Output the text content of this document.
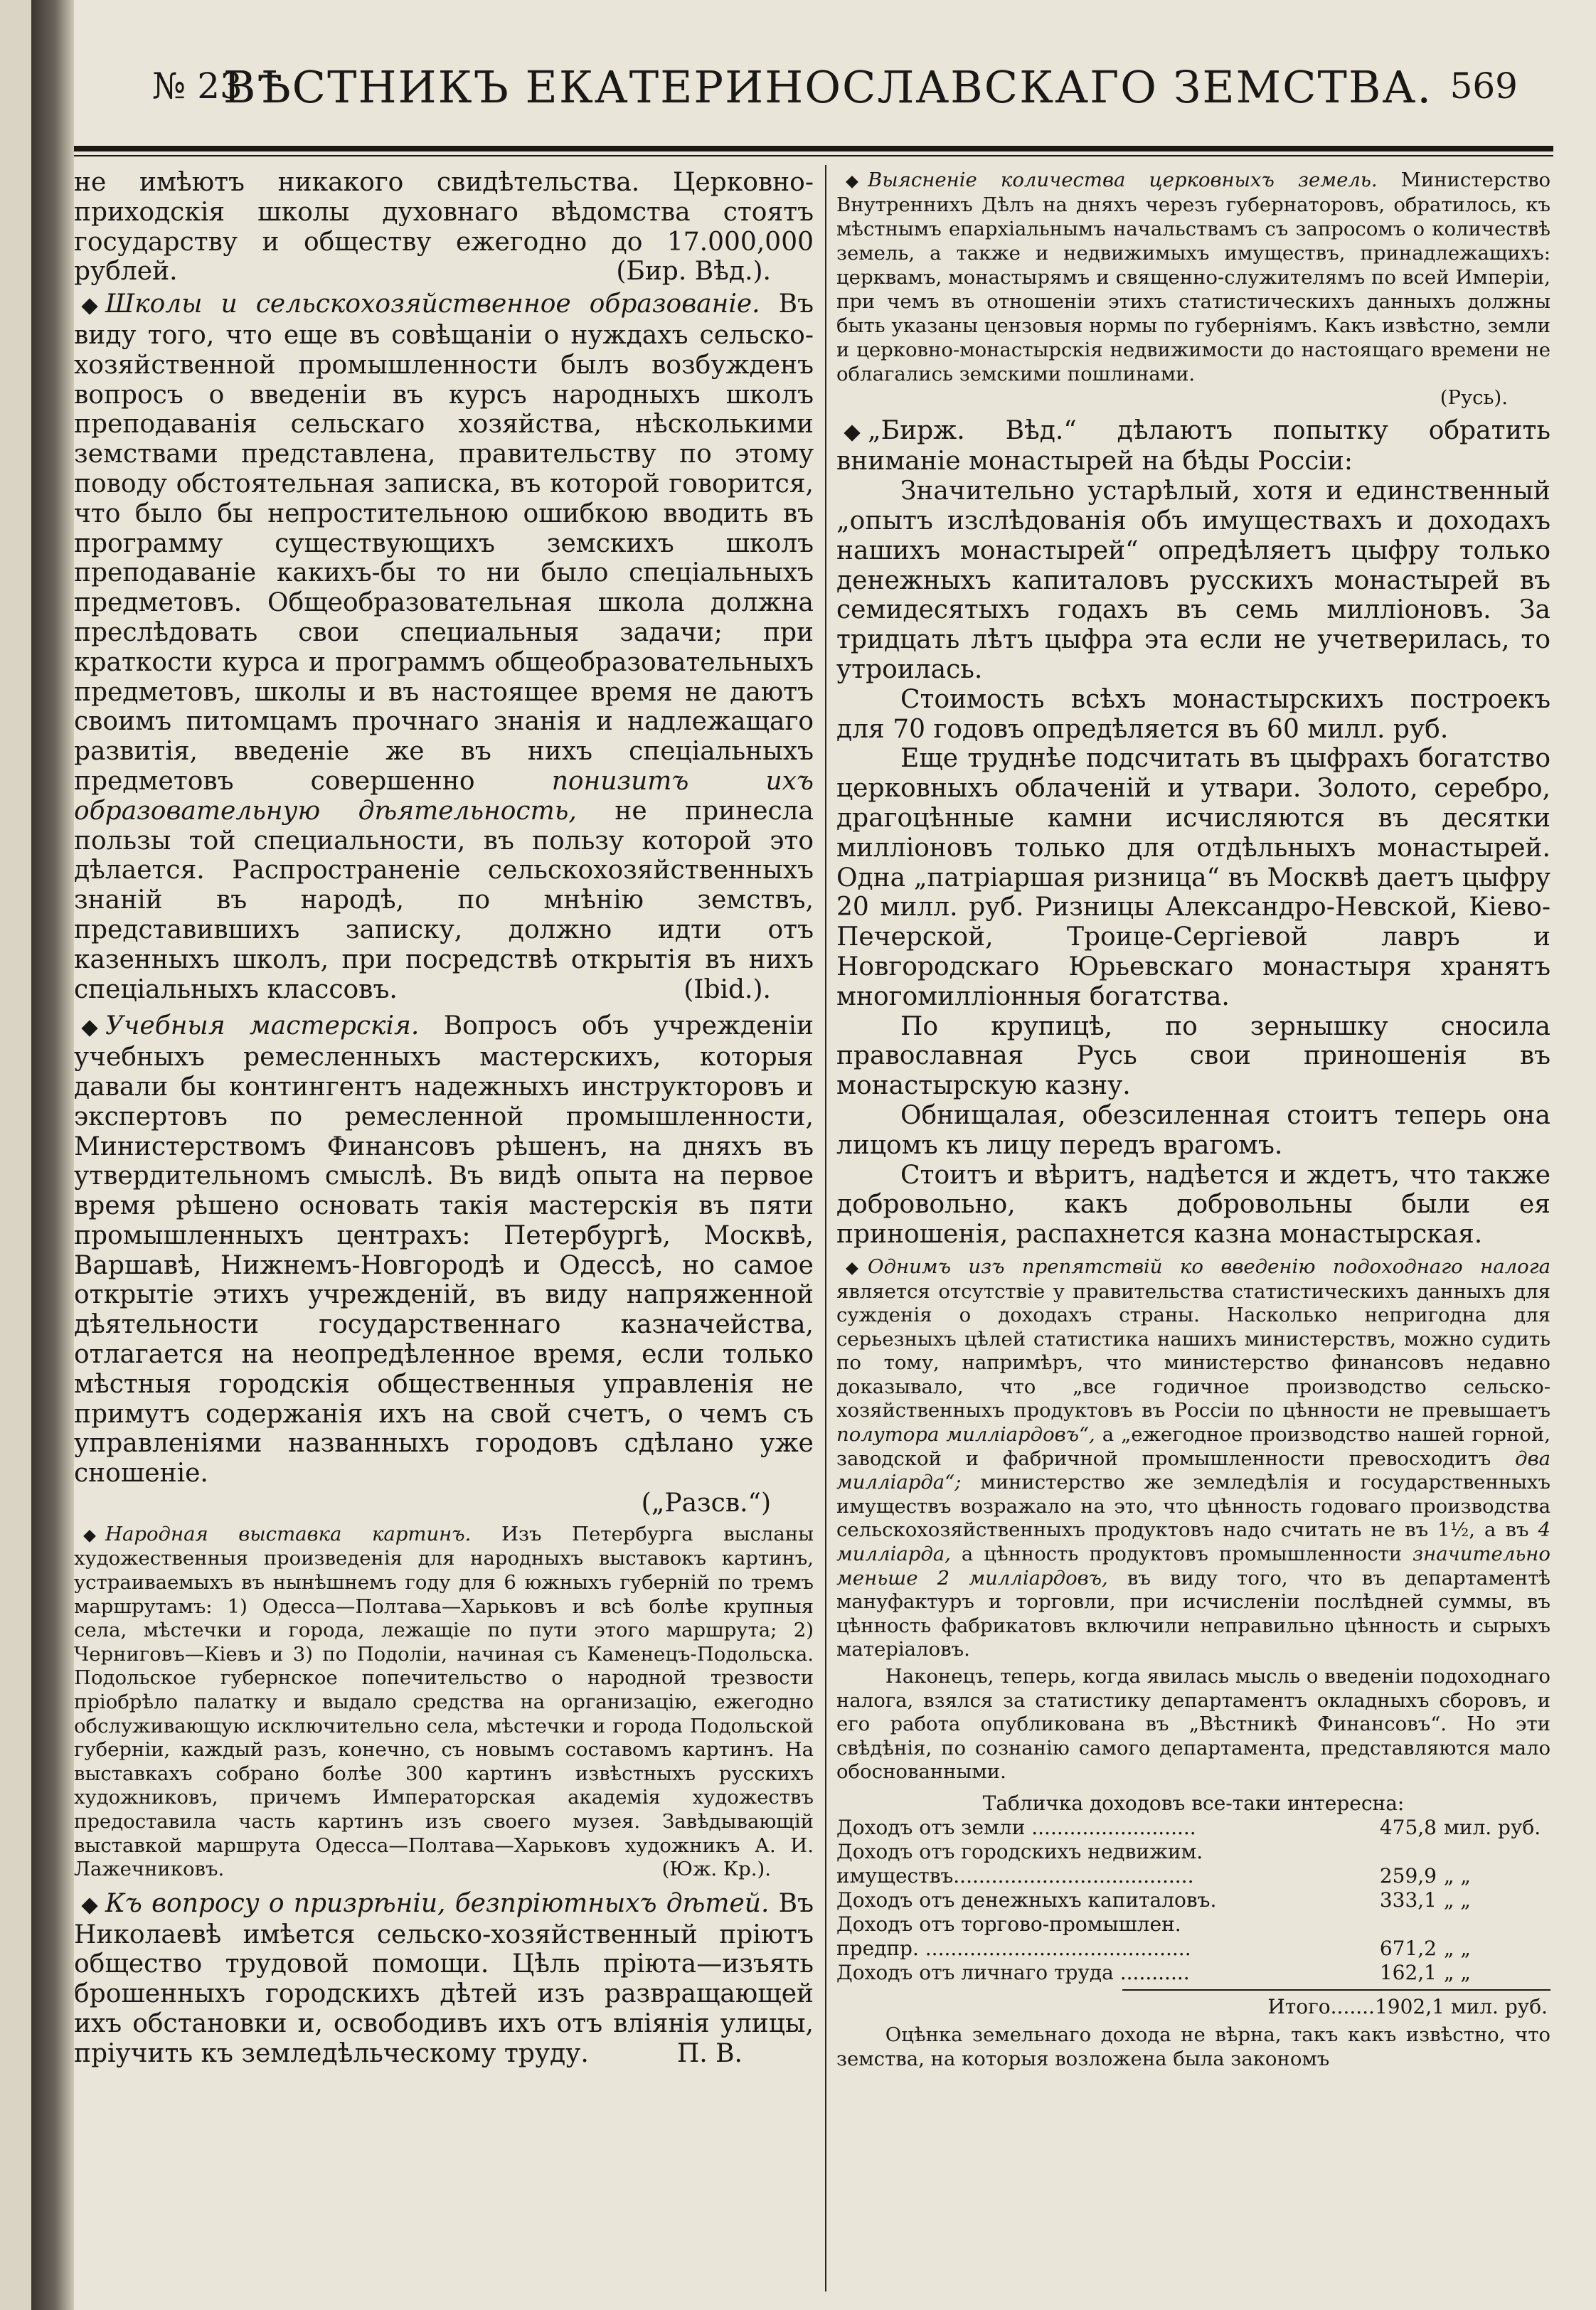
№ 23
ВѢСТНИКЪ ЕКАТЕРИНОСЛАВСКАГО ЗЕМСТВА. 569

не имѣютъ никакого свидѣтельства. Церковно-приходскія школы духовнаго вѣдомства стоятъ государству и обществу ежегодно до 17.000,000 рублей.	(Бир. Вѣд.).

◆ Школы и сельскохозяйственное образованіе. Въ виду того, что еще въ совѣщаніи о нуждахъ сельско-хозяйственной промышленности былъ возбужденъ вопросъ о введеніи въ курсъ народныхъ школъ преподаванія сельскаго хозяйства, нѣсколькими земствами представлена, правительству по этому поводу обстоятельная записка, въ которой говорится, что было бы непростительною ошибкою вводить въ программу существующихъ земскихъ школъ преподаваніе какихъ-бы то ни было спеціальныхъ предметовъ. Общеобразовательная школа должна преслѣдовать свои специальныя задачи; при краткости курса и программъ общеобразовательныхъ предметовъ, школы и въ настоящее время не даютъ своимъ питомцамъ прочнаго знанія и надлежащаго развитія, введеніе же въ нихъ спеціальныхъ предметовъ совершенно	понизитъ ихъ образовательную дѣятельность, не принесла пользы той специальности, въ пользу которой это дѣлается. Распространеніе сельскохозяйственныхъ знаній въ народѣ, по мнѣнію земствъ, представившихъ записку, должно идти отъ казенныхъ школъ, при посредствѣ открытія въ нихъ спеціальныхъ классовъ.	(Ibid.).

◆ Учебныя мастерскія. Вопросъ объ учрежденіи учебныхъ ремесленныхъ мастерскихъ, которыя давали бы контингентъ надежныхъ инструкторовъ и экспертовъ по ремесленной промышленности, Министерствомъ Финансовъ рѣшенъ, на дняхъ въ утвердительномъ смыслѣ. Въ видѣ опыта на первое время рѣшено основать такія мастерскія въ пяти промышленныхъ центрахъ: Петербургѣ, Москвѣ, Варшавѣ, Нижнемъ-Новгородѣ и Одессѣ, но самое открытіе этихъ учрежденій, въ виду напряженной дѣятельности государственнаго казначейства, отлагается на неопредѣленное время, если только мѣстныя городскія общественныя управленія не примутъ содержанія ихъ на свой счетъ, о чемъ съ управленіями названныхъ городовъ сдѣлано уже сношеніе.

(„Разсв.“)

◆ Народная выставка картинъ. Изъ Петербурга высланы художественныя произведенія для народныхъ выставокъ картинъ, устраиваемыхъ въ нынѣшнемъ году для 6 южныхъ губерній по тремъ маршрутамъ: 1) Одесса—Полтава—Харьковъ и всѣ болѣе крупныя села, мѣстечки и города, лежащіе по пути этого маршрута; 2) Черниговъ—Кіевъ и 3) по Подоліи, начиная съ Каменецъ-Подольска. Подольское губернское попечительство о народной трезвости пріобрѣло палатку и выдало средства на организацію, ежегодно обслуживающую исключительно села, мѣстечки и города Подольской губерніи, каждый разъ, конечно, съ новымъ составомъ картинъ. На выставкахъ собрано болѣе 300 картинъ извѣстныхъ русскихъ художниковъ, причемъ Императорская академія художествъ предоставила часть картинъ изъ своего музея. Завѣдывающій выставкой маршрута Одесса—Полтава—Харьковъ художникъ А. И. Лажечниковъ.	(Юж. Кр.).

◆ Къ вопросу о призрѣніи, безпріютныхъ дѣтей. Въ Николаевѣ имѣется сельско-хозяйственный пріютъ общество трудовой помощи. Цѣль пріюта—изъять брошенныхъ городскихъ дѣтей изъ развращающей ихъ обстановки и, освободивъ ихъ отъ вліянія улицы, пріучить къ земледѣльческому труду.	П. В.

◆ Выясненіе количества церковныхъ земель. Министерство Внутреннихъ Дѣлъ на дняхъ черезъ губернаторовъ, обратилось, къ мѣстнымъ епархіальнымъ начальствамъ съ запросомъ о количествѣ земель, а также и недвижимыхъ имуществъ, принадлежащихъ: церквамъ, монастырямъ и священно-служителямъ по всей Имперіи, при чемъ въ отношеніи этихъ статистическихъ данныхъ должны быть указаны цензовыя нормы по губерніямъ. Какъ извѣстно, земли и церковно-монастырскія недвижимости до настоящаго времени не облагались земскими пошлинами.

(Русь).

◆ „Бирж. Вѣд.“ дѣлаютъ попытку обратить вниманіе монастырей на бѣды Россіи:

Значительно устарѣлый, хотя и единственный „опытъ изслѣдованія объ имуществахъ и доходахъ нашихъ монастырей“ опредѣляетъ цыфру только денежныхъ капиталовъ русскихъ монастырей въ семидесятыхъ годахъ въ семь милліоновъ. За тридцать лѣтъ цыфра эта если не учетверилась, то утроилась.

Стоимость всѣхъ монастырскихъ построекъ для 70 годовъ опредѣляется въ 60 милл. руб.

Еще труднѣе подсчитать въ цыфрахъ богатство церковныхъ облаченій и утвари. Золото, серебро, драгоцѣнные камни исчисляются въ десятки милліоновъ только для отдѣльныхъ монастырей. Одна „патріаршая ризница“ въ Москвѣ даетъ цыфру 20 милл. руб. Ризницы Александро-Невской, Кіево-Печерской, Троице-Сергіевой лавръ и Новгородскаго Юрьевскаго монастыря хранятъ многомилліонныя богатства.

По крупицѣ, по зернышку сносила православная Русь свои приношенія въ монастырскую казну.

Обнищалая, обезсиленная стоитъ теперь она лицомъ къ лицу передъ врагомъ.

Стоитъ и вѣритъ, надѣется и ждетъ, что также добровольно, какъ добровольны были ея приношенія, распахнется казна монастырская.

◆ Однимъ изъ препятствій ко введенію подоходнаго налога является отсутствіе у правительства статистическихъ данныхъ для сужденія о доходахъ страны. Насколько непригодна для серьезныхъ цѣлей статистика нашихъ министерствъ, можно судить по тому, напримѣръ, что министерство финансовъ недавно доказывало, что „все годичное производство сельско-хозяйственныхъ продуктовъ въ Россіи по цѣнности не превышаетъ полутора милліардовъ“, а „ежегодное производство нашей горной, заводской и фабричной промышленности превосходитъ два милліарда“; министерство же земледѣлія и государственныхъ имуществъ возражало на это, что цѣнность годоваго производства сельскохозяйственныхъ продуктовъ надо считать не въ 1½, а въ 4 милліарда, а цѣнность продуктовъ промышленности значительно меньше 2 милліардовъ, въ виду того, что въ департаментѣ мануфактуръ и торговли, при исчисленіи послѣдней суммы, въ цѣнность фабрикатовъ включили неправильно цѣнность и сырыхъ матеріаловъ.

Наконецъ, теперь, когда явилась мысль о введеніи подоходнаго налога, взялся за статистику департаментъ окладныхъ сборовъ, и его работа опубликована въ „Вѣстникѣ Финансовъ“. Но эти свѣдѣнія, по сознанію самого департамента, представляются мало обоснованными.

Табличка доходовъ все-таки интересна:
Доходъ отъ земли ..........................	475,8 мил. руб.
Доходъ отъ городскихъ недвижим.
имуществъ......................................	259,9 „ „
Доходъ отъ денежныхъ капиталовъ.	333,1 „ „
Доходъ отъ торгово-промышлен.
предпр. ..........................................	671,2 „ „
Доходъ отъ личнаго труда ...........	162,1 „ „
Итого.......1902,1 мил. руб.

Оцѣнка земельнаго дохода не вѣрна, такъ какъ извѣстно, что земства, на которыя возложена была закономъ
